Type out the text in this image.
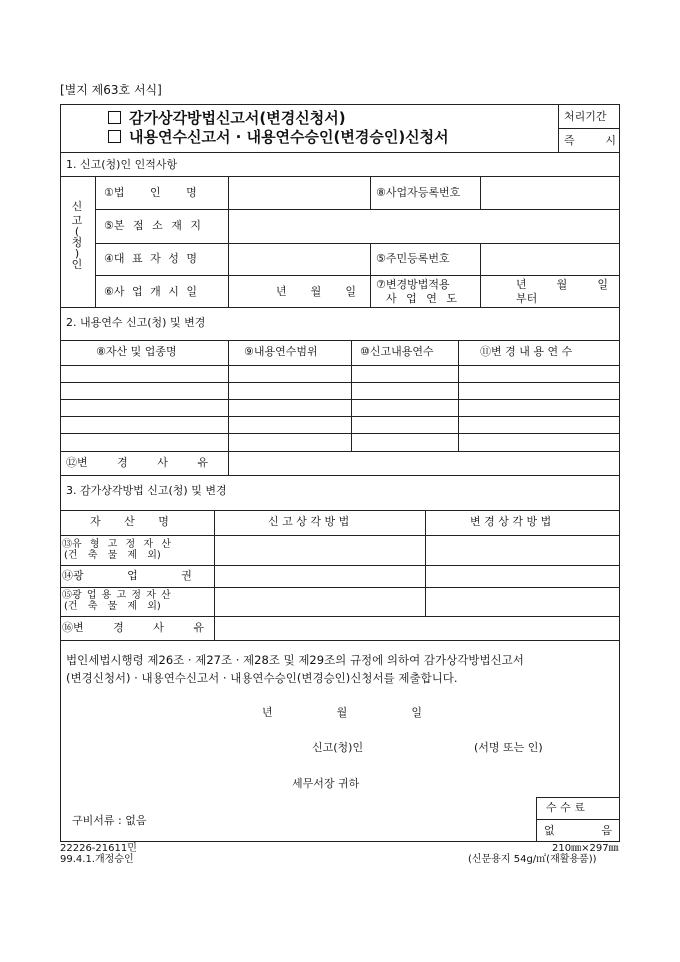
[별지 제63호 서식]
감가상각방법신고서(변경신청서)
내용연수신고서 · 내용연수승인(변경승인)신청서
처리기간
즉	시
1. 신고(청)인 인적사항
신
고
(
청
)
인
①법 인 명	⑧사업자등록번호
⑤본 점 소 재 지
④대 표 자 성 명	⑤주민등록번호
⑥사 업 개 시 일	년 월 일
⑦변경방법적용
사 업 연 도
년	월	일
부터
2. 내용연수 신고(청) 및 변경
⑧자산 및 업종명	⑨내용연수범위	⑩신고내용연수	⑪변 경 내 용 연 수
⑫변 경 사 유
3. 감가상각방법 신고(청) 및 변경
자 산 명	신 고 상 각 방 법	변 경 상 각 방 법
⑬유 형 고 정 자 산
(건 축 물 제 외)
⑭광 업 권
⑮광 업 용 고 정 자 산
(건 축 물 제 외)
⑯변 경 사 유
법인세법시행령 제26조 · 제27조 · 제28조 및 제29조의 규정에 의하여 감가상각방법신고서
(변경신청서) · 내용연수신고서 · 내용연수승인(변경승인)신청서를 제출합니다.
년	월	일
신고(청)인	(서명 또는 인)
세무서장 귀하
수 수 료
없	음
구비서류 : 없음
22226-21611민
99.4.1.개정승인
210㎜×297㎜
(신문용지 54g/㎡(재활용품))
